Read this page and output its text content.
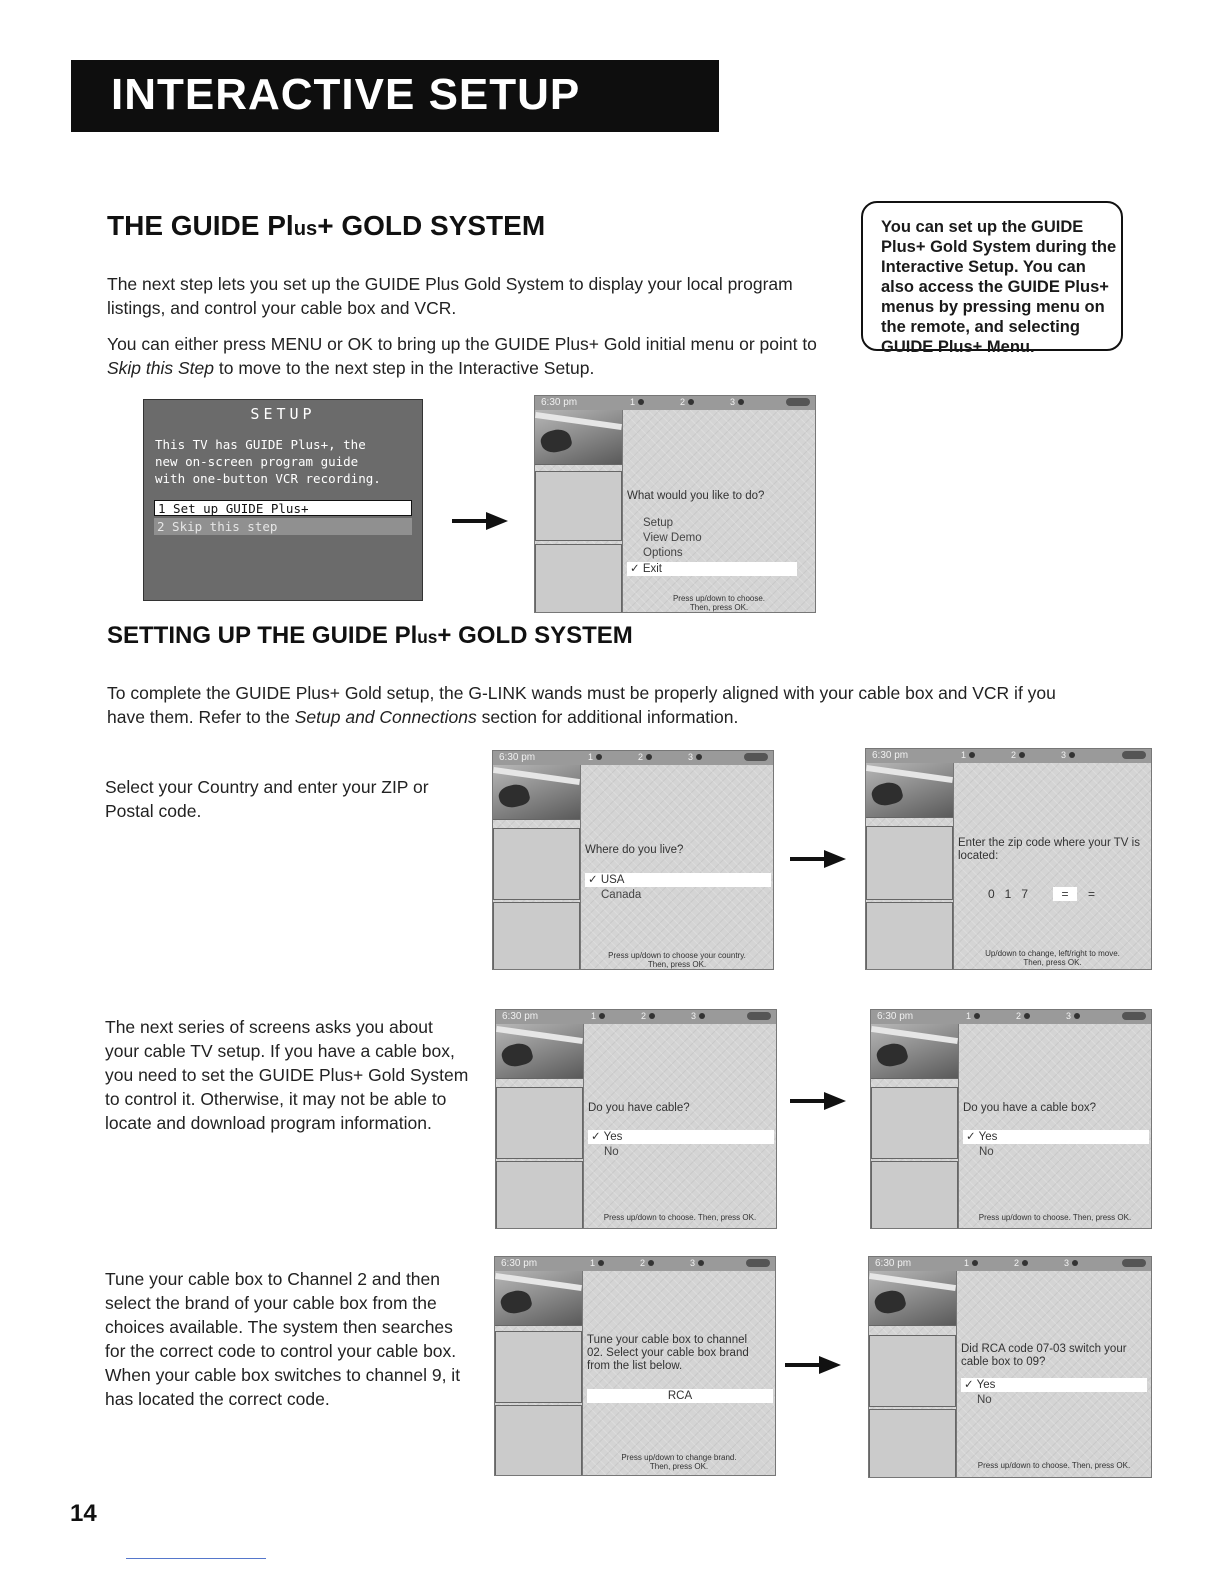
INTERACTIVE SETUP
THE GUIDE Plus+ GOLD SYSTEM

The next step lets you set up the GUIDE Plus Gold System to display your local program listings, and control your cable box and VCR.

You can either press MENU or OK to bring up the GUIDE Plus+ Gold initial menu or point to Skip this Step to move to the next step in the Interactive Setup.

You can set up the GUIDE Plus+ Gold System during the Interactive Setup. You can also access the GUIDE Plus+ menus by pressing menu on the remote, and selecting GUIDE Plus+ Menu.
SETUP
This TV has GUIDE Plus+, the
new on-screen program guide
with one-button VCR recording.
1 Set up GUIDE Plus+
2 Skip this step
6:30 pm	1	2	3
What would you like to do?
Setup
View Demo
Options
✓ Exit
Press up/down to choose.
Then, press OK.
SETTING UP THE GUIDE Plus+ GOLD SYSTEM

To complete the GUIDE Plus+ Gold setup, the G-LINK wands must be properly aligned with your cable box and VCR if you have them. Refer to the Setup and Connections section for additional information.

Select your Country and enter your ZIP or Postal code.

The next series of screens asks you about your cable TV setup. If you have a cable box, you need to set the GUIDE Plus+ Gold System to control it. Otherwise, it may not be able to locate and download program information.

Tune your cable box to Channel 2 and then select the brand of your cable box from the choices available. The system then searches for the correct code to control your cable box. When your cable box switches to channel 9, it has located the correct code.

6:30 pm	1	2	3
Where do you live?
✓ USA
Canada
Press up/down to choose your country.
Then, press OK.
6:30 pm	1	2	3
Enter the zip code where your TV is located:
0   1   7	=	=
Up/down to change, left/right to move.
Then, press OK.
6:30 pm	1	2	3
Do you have cable?
✓ Yes
No
Press up/down to choose. Then, press OK.
6:30 pm	1	2	3
Do you have a cable box?
✓ Yes
No
Press up/down to choose. Then, press OK.
6:30 pm	1	2	3
Tune your cable box to channel 02. Select your cable box brand from the list below.
RCA
Press up/down to change brand.
Then, press OK.
6:30 pm	1	2	3
Did RCA code 07-03 switch your cable box to 09?
✓ Yes
No
Press up/down to choose. Then, press OK.
14
